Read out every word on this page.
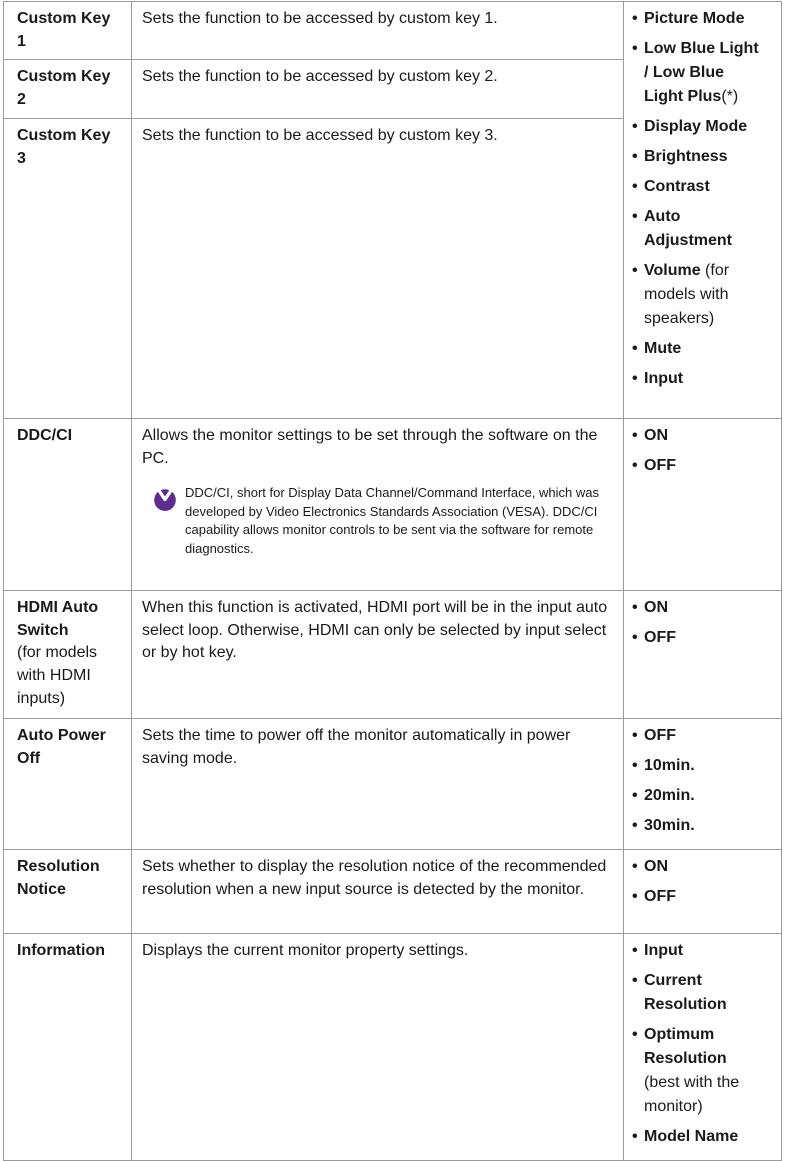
Custom Key 1	Sets the function to be accessed by custom key 1.	
•Picture Mode
• Low Blue Light / Low Blue Light Plus(*)
• Display Mode
• Brightness
• Contrast
• Auto Adjustment
• Volume (for models with speakers)
• Mute
• Input

Custom Key 2	Sets the function to be accessed by custom key 2.	
Custom Key 3	Sets the function to be accessed by custom key 3.	
DDC/CI	Allows the monitor settings to be set through the software on the PC.
DDC/CI, short for Display Data Channel/Command Interface, which was developed by Video Electronics Standards Association (VESA). DDC/CI capability allows monitor controls to be sent via the software for remote diagnostics.

• ON
• OFF

HDMI Auto Switch
(for models with HDMI inputs)
	When this function is activated, HDMI port will be in the input auto select loop. Otherwise, HDMI can only be selected by input select or by hot key.	
• ON
• OFF

Auto Power Off	Sets the time to power off the monitor automatically in power saving mode.	
• OFF
• 10min.
• 20min.
• 30min.

Resolution Notice	Sets whether to display the resolution notice of the recommended resolution when a new input source is detected by the monitor.	
• ON
• OFF

Information	Displays the current monitor property settings.	
•Input
• Current Resolution
• Optimum Resolution (best with the monitor)
• Model Name
